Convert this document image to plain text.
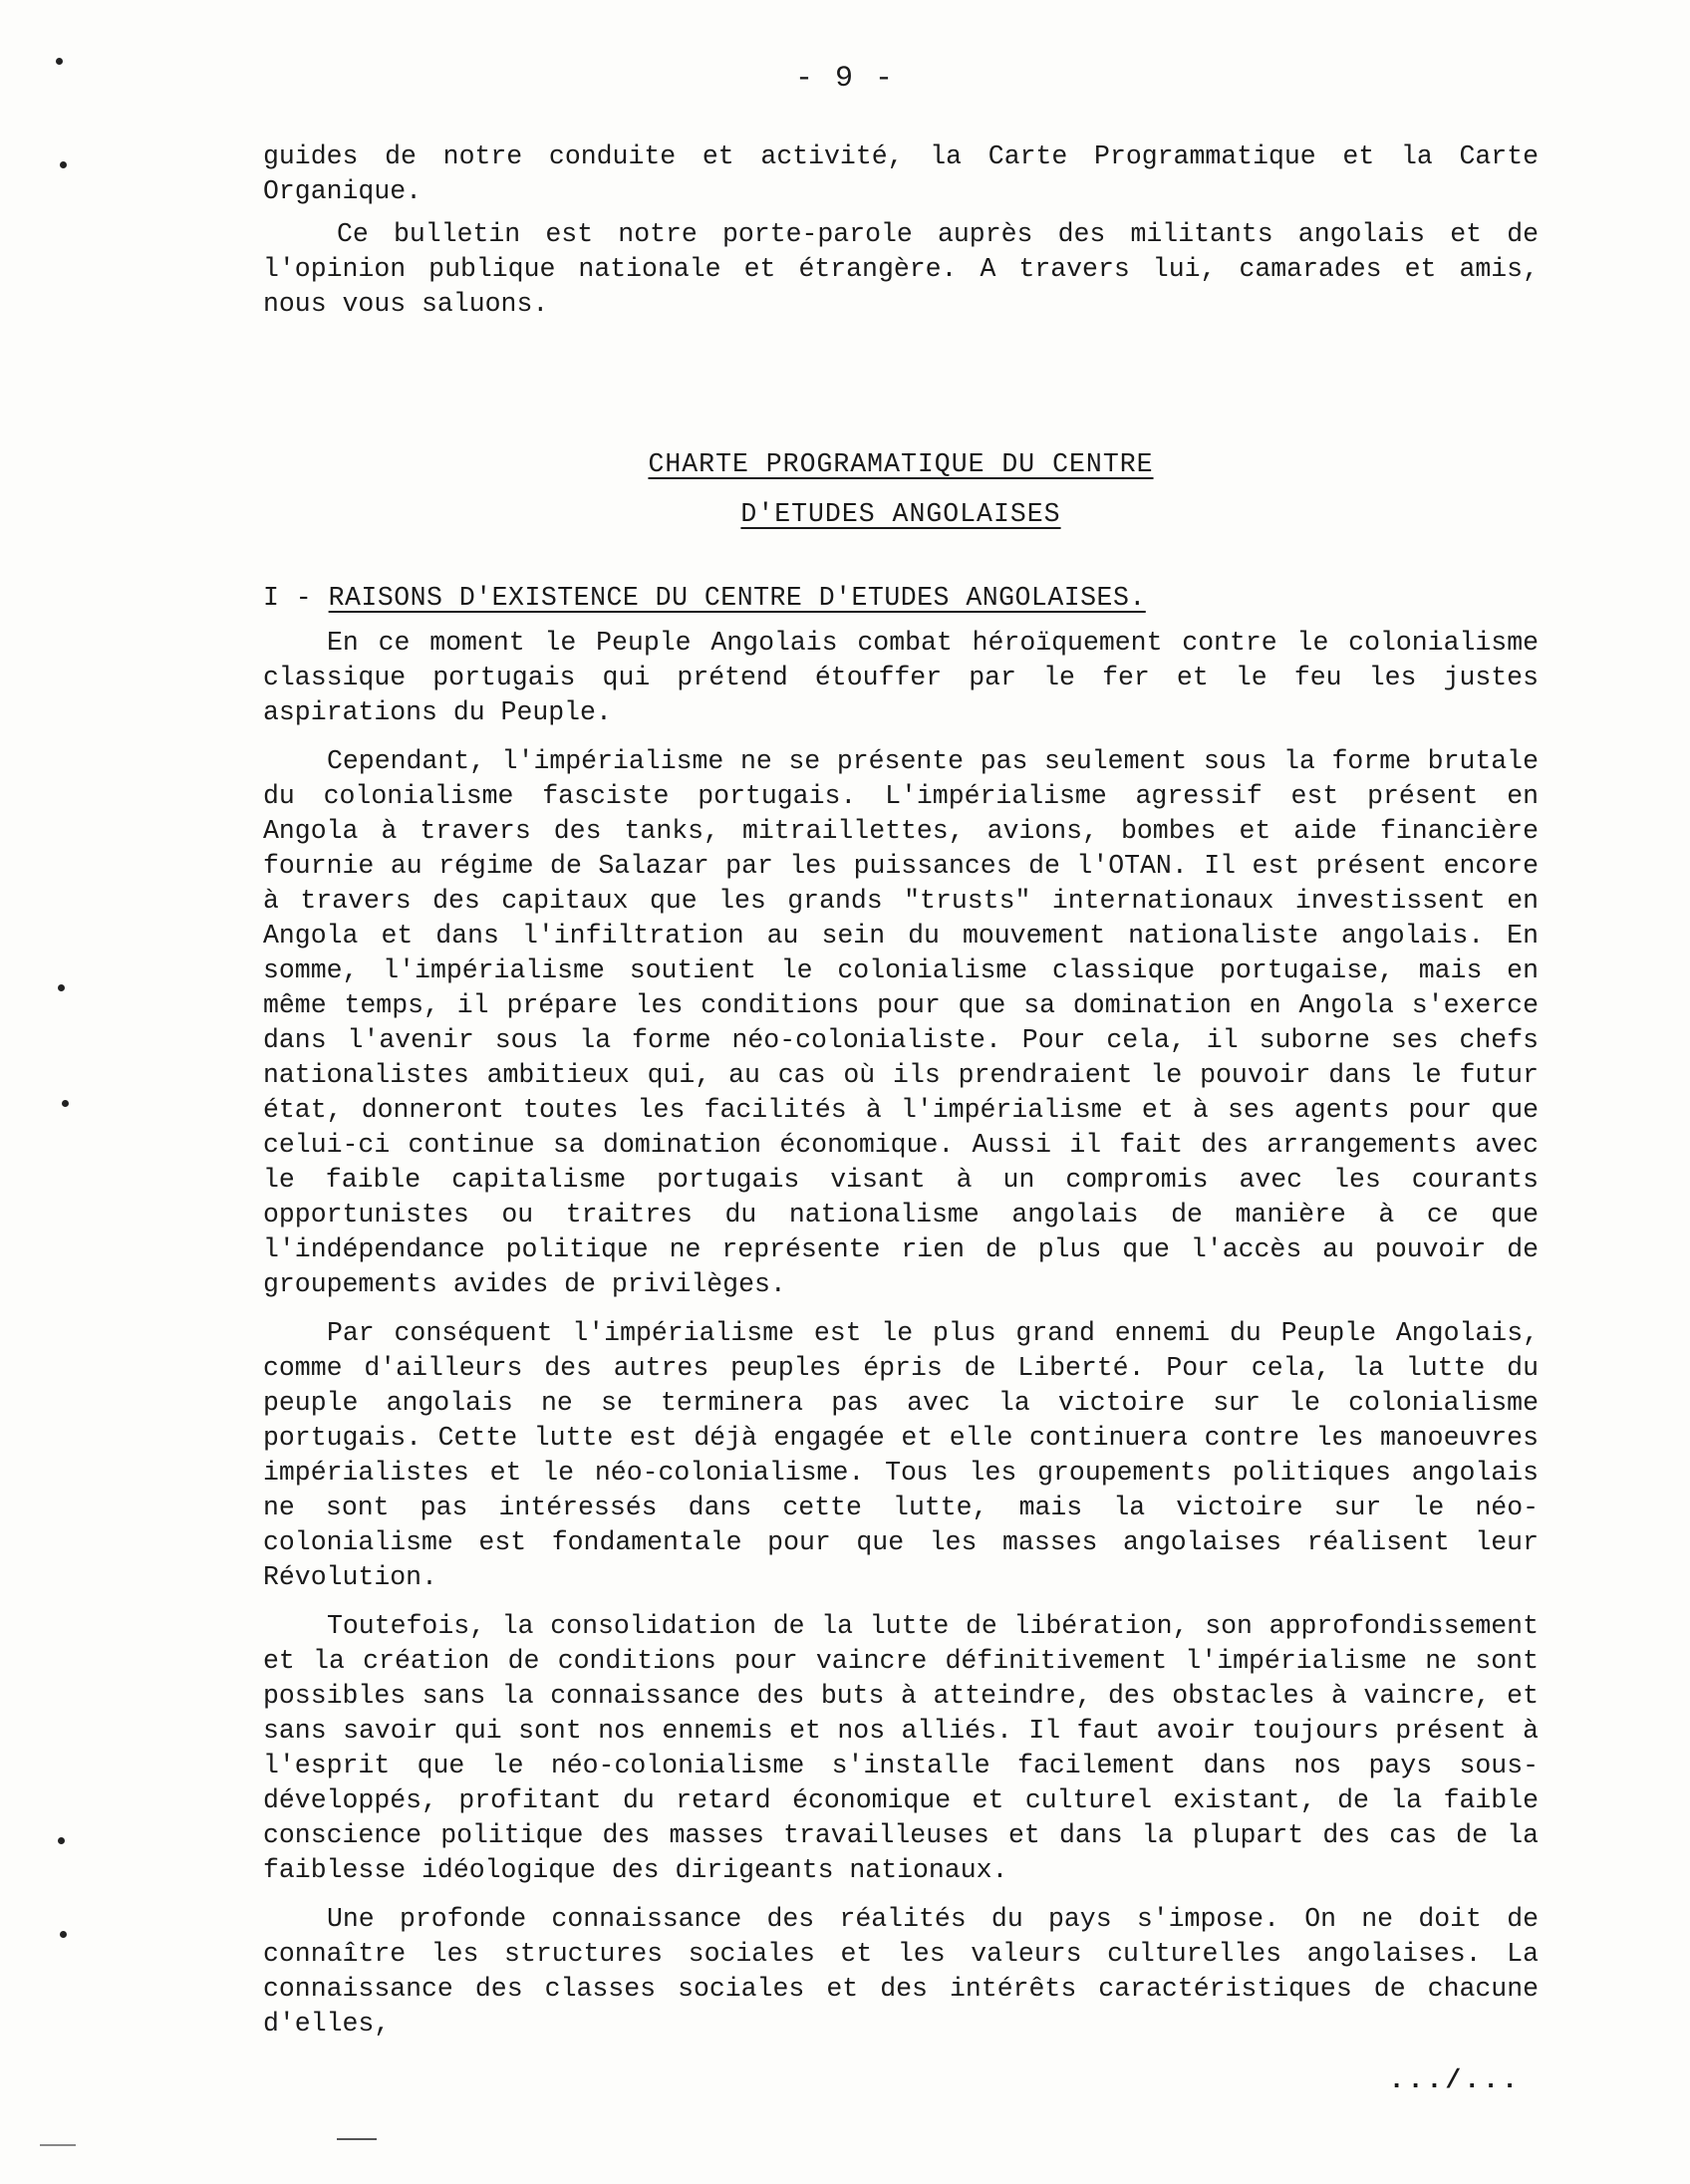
- 9 -

guides de notre conduite et activité, la Carte Programmatique et la Carte Organique.

Ce bulletin est notre porte-parole auprès des militants angolais et de l'opinion publique nationale et étrangère. A travers lui, camarades et amis, nous vous saluons.

CHARTE PROGRAMATIQUE DU CENTRE
D'ETUDES ANGOLAISES
I - RAISONS D'EXISTENCE DU CENTRE D'ETUDES ANGOLAISES.

En ce moment le Peuple Angolais combat héroïquement contre le colonialisme classique portugais qui prétend étouffer par le fer et le feu les justes aspirations du Peuple.

Cependant, l'impérialisme ne se présente pas seulement sous la forme brutale du colonialisme fasciste portugais. L'impérialisme agressif est présent en Angola à travers des tanks, mitraillettes, avions, bombes et aide financière fournie au régime de Salazar par les puissances de l'OTAN. Il est présent encore à travers des capitaux que les grands "trusts" internationaux investissent en Angola et dans l'infiltration au sein du mouvement nationaliste angolais. En somme, l'impérialisme soutient le colonialisme classique portugaise, mais en même temps, il prépare les conditions pour que sa domination en Angola s'exerce dans l'avenir sous la forme néo-colonialiste. Pour cela, il suborne ses chefs nationalistes ambitieux qui, au cas où ils prendraient le pouvoir dans le futur état, donneront toutes les facilités à l'impérialisme et à ses agents pour que celui-ci continue sa domination économique. Aussi il fait des arrangements avec le faible capitalisme portugais visant à un compromis avec les courants opportunistes ou traitres du nationalisme angolais de manière à ce que l'indépendance politique ne représente rien de plus que l'accès au pouvoir de groupements avides de privilèges.

Par conséquent l'impérialisme est le plus grand ennemi du Peuple Angolais, comme d'ailleurs des autres peuples épris de Liberté. Pour cela, la lutte du peuple angolais ne se terminera pas avec la victoire sur le colonialisme portugais. Cette lutte est déjà engagée et elle continuera contre les manoeuvres impérialistes et le néo-colonialisme. Tous les groupements politiques angolais ne sont pas intéressés dans cette lutte, mais la victoire sur le néo-colonialisme est fondamentale pour que les masses angolaises réalisent leur Révolution.

Toutefois, la consolidation de la lutte de libération, son approfondissement et la création de conditions pour vaincre définitivement l'impérialisme ne sont possibles sans la connaissance des buts à atteindre, des obstacles à vaincre, et sans savoir qui sont nos ennemis et nos alliés. Il faut avoir toujours présent à l'esprit que le néo-colonialisme s'installe facilement dans nos pays sous-développés, profitant du retard économique et culturel existant, de la faible conscience politique des masses travailleuses et dans la plupart des cas de la faiblesse idéologique des dirigeants nationaux.

Une profonde connaissance des réalités du pays s'impose. On ne doit de connaître les structures sociales et les valeurs culturelles angolaises. La connaissance des classes sociales et des intérêts caractéristiques de chacune d'elles,

.../...
